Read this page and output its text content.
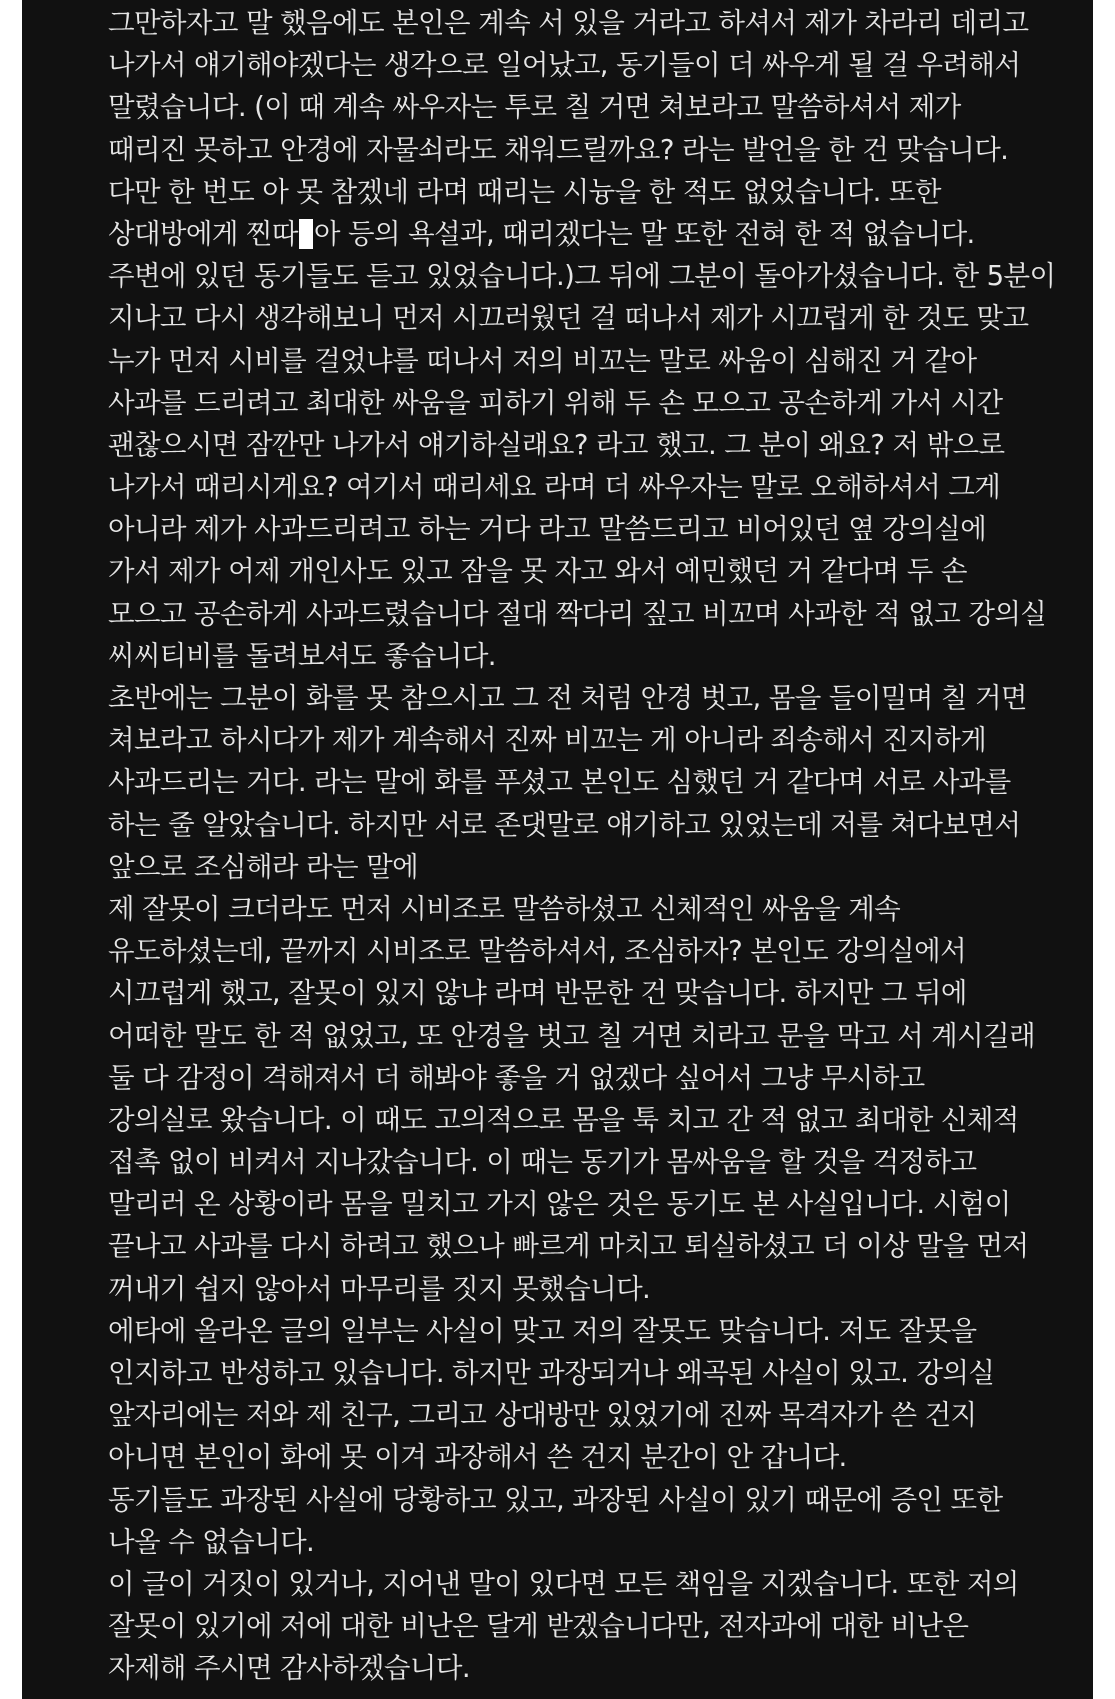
그만하자고 말 했음에도 본인은 계속 서 있을 거라고 하셔서 제가 차라리 데리고
나가서 얘기해야겠다는 생각으로 일어났고, 동기들이 더 싸우게 될 걸 우려해서
말렸습니다. (이 때 계속 싸우자는 투로 칠 거면 쳐보라고 말씀하셔서 제가
때리진 못하고 안경에 자물쇠라도 채워드릴까요? 라는 발언을 한 건 맞습니다.
다만 한 번도 아 못 참겠네 라며 때리는 시늉을 한 적도 없었습니다. 또한
상대방에게 찐따 아 등의 욕설과, 때리겠다는 말 또한 전혀 한 적 없습니다.
주변에 있던 동기들도 듣고 있었습니다.)그 뒤에 그분이 돌아가셨습니다. 한 5분이
지나고 다시 생각해보니 먼저 시끄러웠던 걸 떠나서 제가 시끄럽게 한 것도 맞고
누가 먼저 시비를 걸었냐를 떠나서 저의 비꼬는 말로 싸움이 심해진 거 같아
사과를 드리려고 최대한 싸움을 피하기 위해 두 손 모으고 공손하게 가서 시간
괜찮으시면 잠깐만 나가서 얘기하실래요? 라고 했고. 그 분이 왜요? 저 밖으로
나가서 때리시게요? 여기서 때리세요 라며 더 싸우자는 말로 오해하셔서 그게
아니라 제가 사과드리려고 하는 거다 라고 말씀드리고 비어있던 옆 강의실에
가서 제가 어제 개인사도 있고 잠을 못 자고 와서 예민했던 거 같다며 두 손
모으고 공손하게 사과드렸습니다 절대 짝다리 짚고 비꼬며 사과한 적 없고 강의실
씨씨티비를 돌려보셔도 좋습니다.
초반에는 그분이 화를 못 참으시고 그 전 처럼 안경 벗고, 몸을 들이밀며 칠 거면
쳐보라고 하시다가 제가 계속해서 진짜 비꼬는 게 아니라 죄송해서 진지하게
사과드리는 거다. 라는 말에 화를 푸셨고 본인도 심했던 거 같다며 서로 사과를
하는 줄 알았습니다. 하지만 서로 존댓말로 얘기하고 있었는데 저를 쳐다보면서
앞으로 조심해라 라는 말에
제 잘못이 크더라도 먼저 시비조로 말씀하셨고 신체적인 싸움을 계속
유도하셨는데, 끝까지 시비조로 말씀하셔서, 조심하자? 본인도 강의실에서
시끄럽게 했고, 잘못이 있지 않냐 라며 반문한 건 맞습니다. 하지만 그 뒤에
어떠한 말도 한 적 없었고, 또 안경을 벗고 칠 거면 치라고 문을 막고 서 계시길래
둘 다 감정이 격해져서 더 해봐야 좋을 거 없겠다 싶어서 그냥 무시하고
강의실로 왔습니다. 이 때도 고의적으로 몸을 툭 치고 간 적 없고 최대한 신체적
접촉 없이 비켜서 지나갔습니다. 이 때는 동기가 몸싸움을 할 것을 걱정하고
말리러 온 상황이라 몸을 밀치고 가지 않은 것은 동기도 본 사실입니다. 시험이
끝나고 사과를 다시 하려고 했으나 빠르게 마치고 퇴실하셨고 더 이상 말을 먼저
꺼내기 쉽지 않아서 마무리를 짓지 못했습니다.
에타에 올라온 글의 일부는 사실이 맞고 저의 잘못도 맞습니다. 저도 잘못을
인지하고 반성하고 있습니다. 하지만 과장되거나 왜곡된 사실이 있고. 강의실
앞자리에는 저와 제 친구, 그리고 상대방만 있었기에 진짜 목격자가 쓴 건지
아니면 본인이 화에 못 이겨 과장해서 쓴 건지 분간이 안 갑니다.
동기들도 과장된 사실에 당황하고 있고, 과장된 사실이 있기 때문에 증인 또한
나올 수 없습니다.
이 글이 거짓이 있거나, 지어낸 말이 있다면 모든 책임을 지겠습니다. 또한 저의
잘못이 있기에 저에 대한 비난은 달게 받겠습니다만, 전자과에 대한 비난은
자제해 주시면 감사하겠습니다.
